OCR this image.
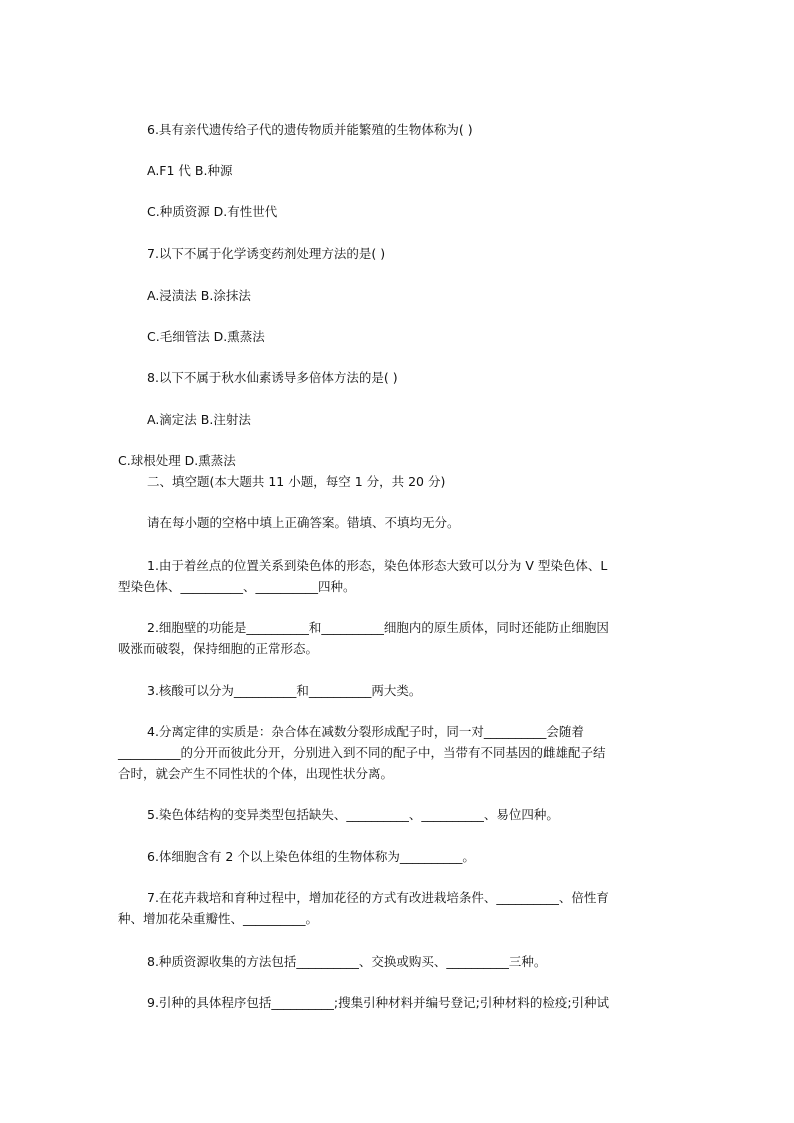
6.具有亲代遗传给子代的遗传物质并能繁殖的生物体称为( )
A.F1 代 B.种源
C.种质资源 D.有性世代
7.以下不属于化学诱变药剂处理方法的是( )
A.浸渍法 B.涂抹法
C.毛细管法 D.熏蒸法
8.以下不属于秋水仙素诱导多倍体方法的是( )
A.滴定法 B.注射法
C.球根处理 D.熏蒸法
二、填空题(本大题共 11 小题，每空 1 分，共 20 分)
请在每小题的空格中填上正确答案。错填、不填均无分。
1.由于着丝点的位置关系到染色体的形态，染色体形态大致可以分为 V 型染色体、L
型染色体、__________、__________四种。
2.细胞壁的功能是__________和__________细胞内的原生质体，同时还能防止细胞因
吸涨而破裂，保持细胞的正常形态。
3.核酸可以分为__________和__________两大类。
4.分离定律的实质是：杂合体在减数分裂形成配子时，同一对__________会随着
__________的分开而彼此分开，分别进入到不同的配子中，当带有不同基因的雌雄配子结
合时，就会产生不同性状的个体，出现性状分离。
5.染色体结构的变异类型包括缺失、__________、__________、易位四种。
6.体细胞含有 2 个以上染色体组的生物体称为__________。
7.在花卉栽培和育种过程中，增加花径的方式有改进栽培条件、__________、倍性育
种、增加花朵重瓣性、__________。
8.种质资源收集的方法包括__________、交换或购买、__________三种。
9.引种的具体程序包括__________;搜集引种材料并编号登记;引种材料的检疫;引种试
